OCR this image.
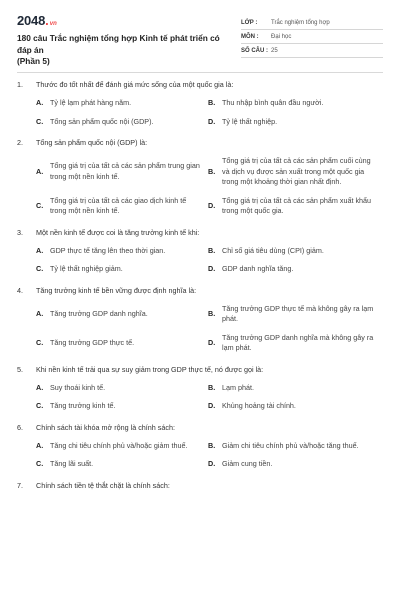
2048 . vn
180 câu Trắc nghiệm tổng hợp Kinh tế phát triển có đáp án
(Phần 5)
LỚP :	Trắc nghiệm tổng hợp
MÔN :	Đại học
SỐ CÂU : 25
1.	Thước đo tốt nhất để đánh giá mức sống của một quốc gia là:
A. Tỷ lệ lạm phát hàng năm.	B. Thu nhập bình quân đầu người.
C. Tổng sản phẩm quốc nội (GDP).	D. Tỷ lệ thất nghiệp.
2.	Tổng sản phẩm quốc nội (GDP) là:
A.
Tổng giá trị của tất cả các sản phẩm trung gian trong một nền kinh tế.
B.
Tổng giá trị của tất cả các sản phẩm cuối cùng và dịch vụ được sản xuất trong một quốc gia trong một khoảng thời gian nhất định.
C.
Tổng giá trị của tất cả các giao dịch kinh tế trong một nền kinh tế.
D.
Tổng giá trị của tất cả các sản phẩm xuất khẩu trong một quốc gia.
3.	Một nền kinh tế được coi là tăng trưởng kinh tế khi:
A. GDP thực tế tăng lên theo thời gian.	B. Chỉ số giá tiêu dùng (CPI) giảm.
C. Tỷ lệ thất nghiệp giảm.	D. GDP danh nghĩa tăng.
4.	Tăng trưởng kinh tế bền vững được định nghĩa là:
A. Tăng trưởng GDP danh nghĩa.	B.
Tăng trưởng GDP thực tế mà không gây ra lạm phát.
C. Tăng trưởng GDP thực tế.	D.
Tăng trưởng GDP danh nghĩa mà không gây ra lạm phát.
5.	Khi nền kinh tế trải qua sự suy giảm trong GDP thực tế, nó được gọi là:
A. Suy thoái kinh tế.	B. Lạm phát.
C. Tăng trưởng kinh tế.	D. Khủng hoảng tài chính.
6.	Chính sách tài khóa mở rộng là chính sách:
A. Tăng chi tiêu chính phủ và/hoặc giảm thuế.	B. Giảm chi tiêu chính phủ và/hoặc tăng thuế.
C. Tăng lãi suất.	D. Giảm cung tiền.
7.	Chính sách tiền tệ thắt chặt là chính sách:
